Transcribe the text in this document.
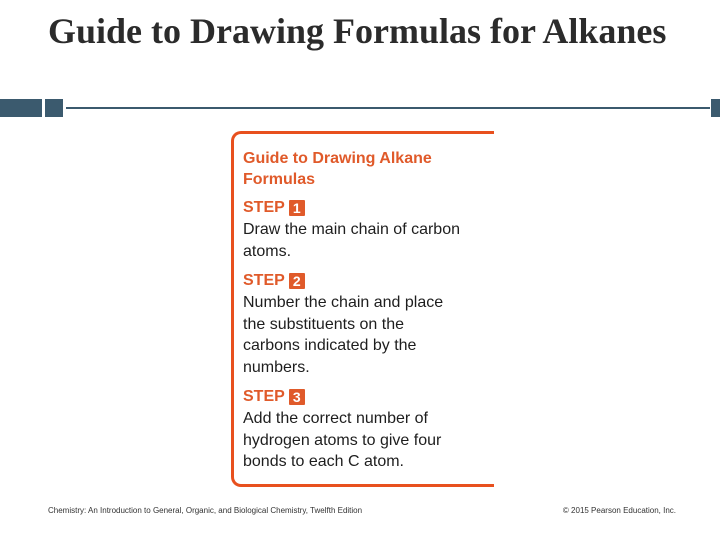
Guide to Drawing Formulas for Alkanes
Guide to Drawing Alkane
Formulas
STEP 1
Draw the main chain of carbon
atoms.
STEP 2
Number the chain and place
the substituents on the
carbons indicated by the
numbers.
STEP 3
Add the correct number of
hydrogen atoms to give four
bonds to each C atom.
Chemistry: An Introduction to General, Organic, and Biological Chemistry, Twelfth Edition	© 2015 Pearson Education, Inc.
